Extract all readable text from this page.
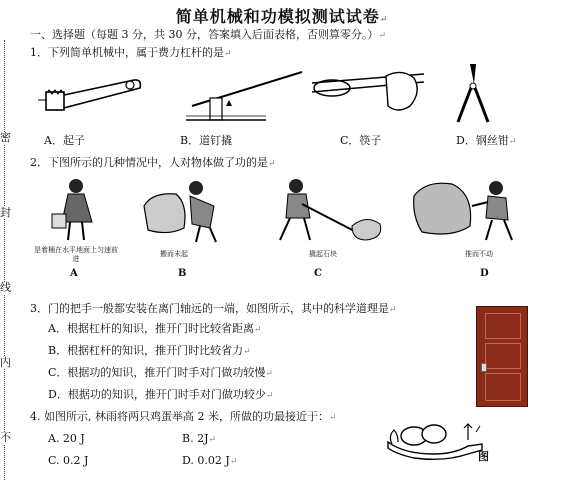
密
封
线
内
不
简单机械和功模拟测试试卷↵
一、选择题（每题 3 分，共 30 分，答案填入后面表格，否则算零分。）↵
1．下列简单机械中，属于费力杠杆的是↵
A．起子	B．道钉撬	C．筷子	D．钢丝钳↵
2．下图所示的几种情况中，人对物体做了功的是↵
是着桶在水平地面上匀速前进
搬而未起	撬起石块	推而不动
A	B	C	D
3．门的把手一般都安装在离门轴远的一端，如图所示，其中的科学道理是↵
A．根据杠杆的知识，推开门时比较省距离↵
B．根据杠杆的知识，推开门时比较省力↵
C．根据功的知识，推开门时手对门做功较慢↵
D．根据功的知识，推开门时手对门做功较少↵
4. 如图所示, 林雨将两只鸡蛋举高 2 米，所做的功最接近于：↵
A. 20 J	B. 2J↵
C. 0.2 J	D. 0.02 J↵	图
